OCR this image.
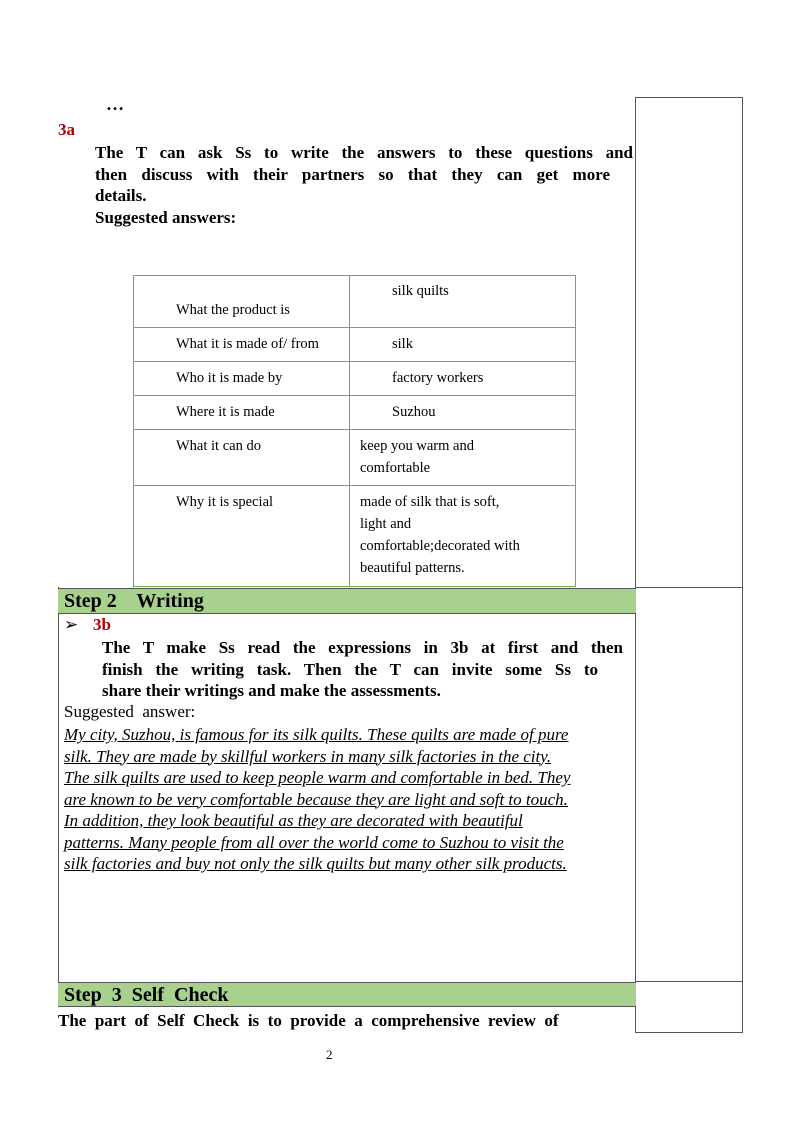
…
3a
The T can ask Ss to write the answers to these questions and
then discuss with their partners so that they can get more
details.
Suggested answers:
What the product is	silk quilts
What it is made of/ from	silk
Who it is made by	factory workers
Where it is made	Suzhou
What it can do	keep you warm and
comfortable

Why it is special	made of silk that is soft,
light and
comfortable;decorated with
beautiful patterns.
Step 2    Writing
➢ 3b
The T make Ss read the expressions in 3b at first and then
finish the writing task. Then the T can invite some Ss to
share their writings and make the assessments.
Suggested  answer:
My city, Suzhou, is famous for its silk quilts. These quilts are made of pure
silk. They are made by skillful workers in many silk factories in the city.
The silk quilts are used to keep people warm and comfortable in bed. They
are known to be very comfortable because they are light and soft to touch.
In addition, they look beautiful as they are decorated with beautiful
patterns. Many people from all over the world come to Suzhou to visit the
silk factories and buy not only the silk quilts but many other silk products.
Step  3  Self  Check
The  part  of  Self  Check  is  to  provide  a  comprehensive  review  of
2
